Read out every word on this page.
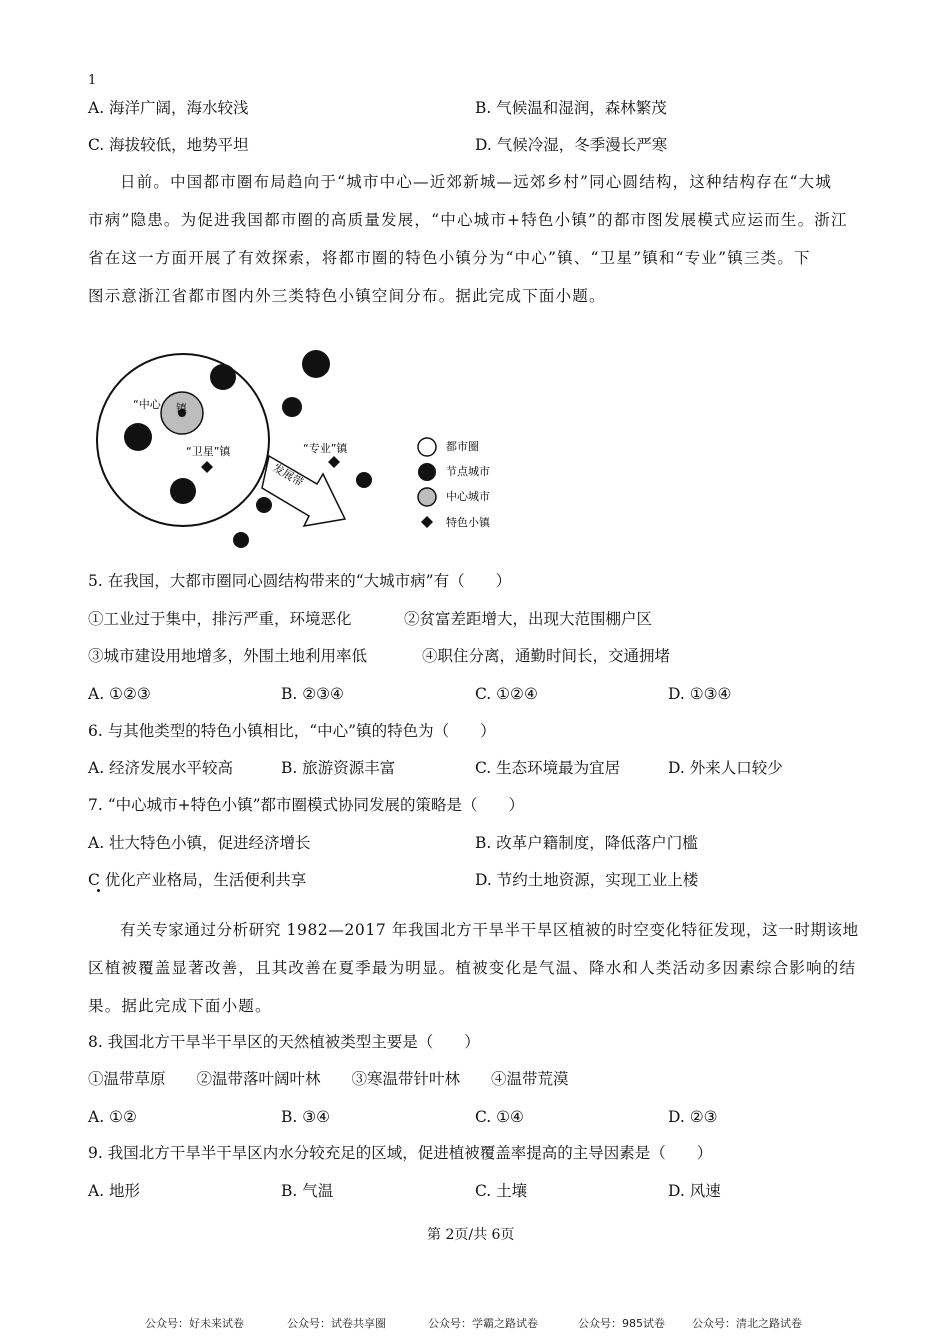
1
A. 海洋广阔，海水较浅	B. 气候温和湿润，森林繁茂
C. 海拔较低，地势平坦	D. 气候冷湿，冬季漫长严寒
日前。中国都市圈布局趋向于“城市中心—近郊新城—远郊乡村”同心圆结构，这种结构存在“大城
市病”隐患。为促进我国都市圈的高质量发展，“中心城市+特色小镇”的都市图发展模式应运而生。浙江
省在这一方面开展了有效探索，将都市圈的特色小镇分为“中心”镇、“卫星”镇和“专业”镇三类。下
图示意浙江省都市图内外三类特色小镇空间分布。据此完成下面小题。
“中心 镇
“卫星”镇	“专业”镇
发展带
都市圈
节点城市
中心城市
特色小镇
5. 在我国，大都市圈同心圆结构带来的“大城市病”有（　　）
①工业过于集中，排污严重，环境恶化	②贫富差距增大，出现大范围棚户区
③城市建设用地增多，外围土地利用率低	④职住分离，通勤时间长，交通拥堵
A. ①②③	B. ②③④	C. ①②④	D. ①③④
6. 与其他类型的特色小镇相比，“中心”镇的特色为（　　）
A. 经济发展水平较高	B. 旅游资源丰富	C. 生态环境最为宜居	D. 外来人口较少
7. “中心城市+特色小镇”都市圈模式协同发展的策略是（　　）
A. 壮大特色小镇，促进经济增长	B. 改革户籍制度，降低落户门槛
C 优化产业格局，生活便利共享	D. 节约土地资源，实现工业上楼
有关专家通过分析研究 1982—2017 年我国北方干旱半干旱区植被的时空变化特征发现，这一时期该地
区植被覆盖显著改善，且其改善在夏季最为明显。植被变化是气温、降水和人类活动多因素综合影响的结
果。据此完成下面小题。
8. 我国北方干旱半干旱区的天然植被类型主要是（　　）
①温带草原　　②温带落叶阔叶林　　③寒温带针叶林　　④温带荒漠
A. ①②	B. ③④	C. ①④	D. ②③
9. 我国北方干旱半干旱区内水分较充足的区域，促进植被覆盖率提高的主导因素是（　　）
A. 地形	B. 气温	C. 土壤	D. 风速
第 2页/共 6页
公众号：好未来试卷	公众号：试卷共享圈	公众号：学霸之路试卷	公众号：985试卷 公众号：清北之路试卷
